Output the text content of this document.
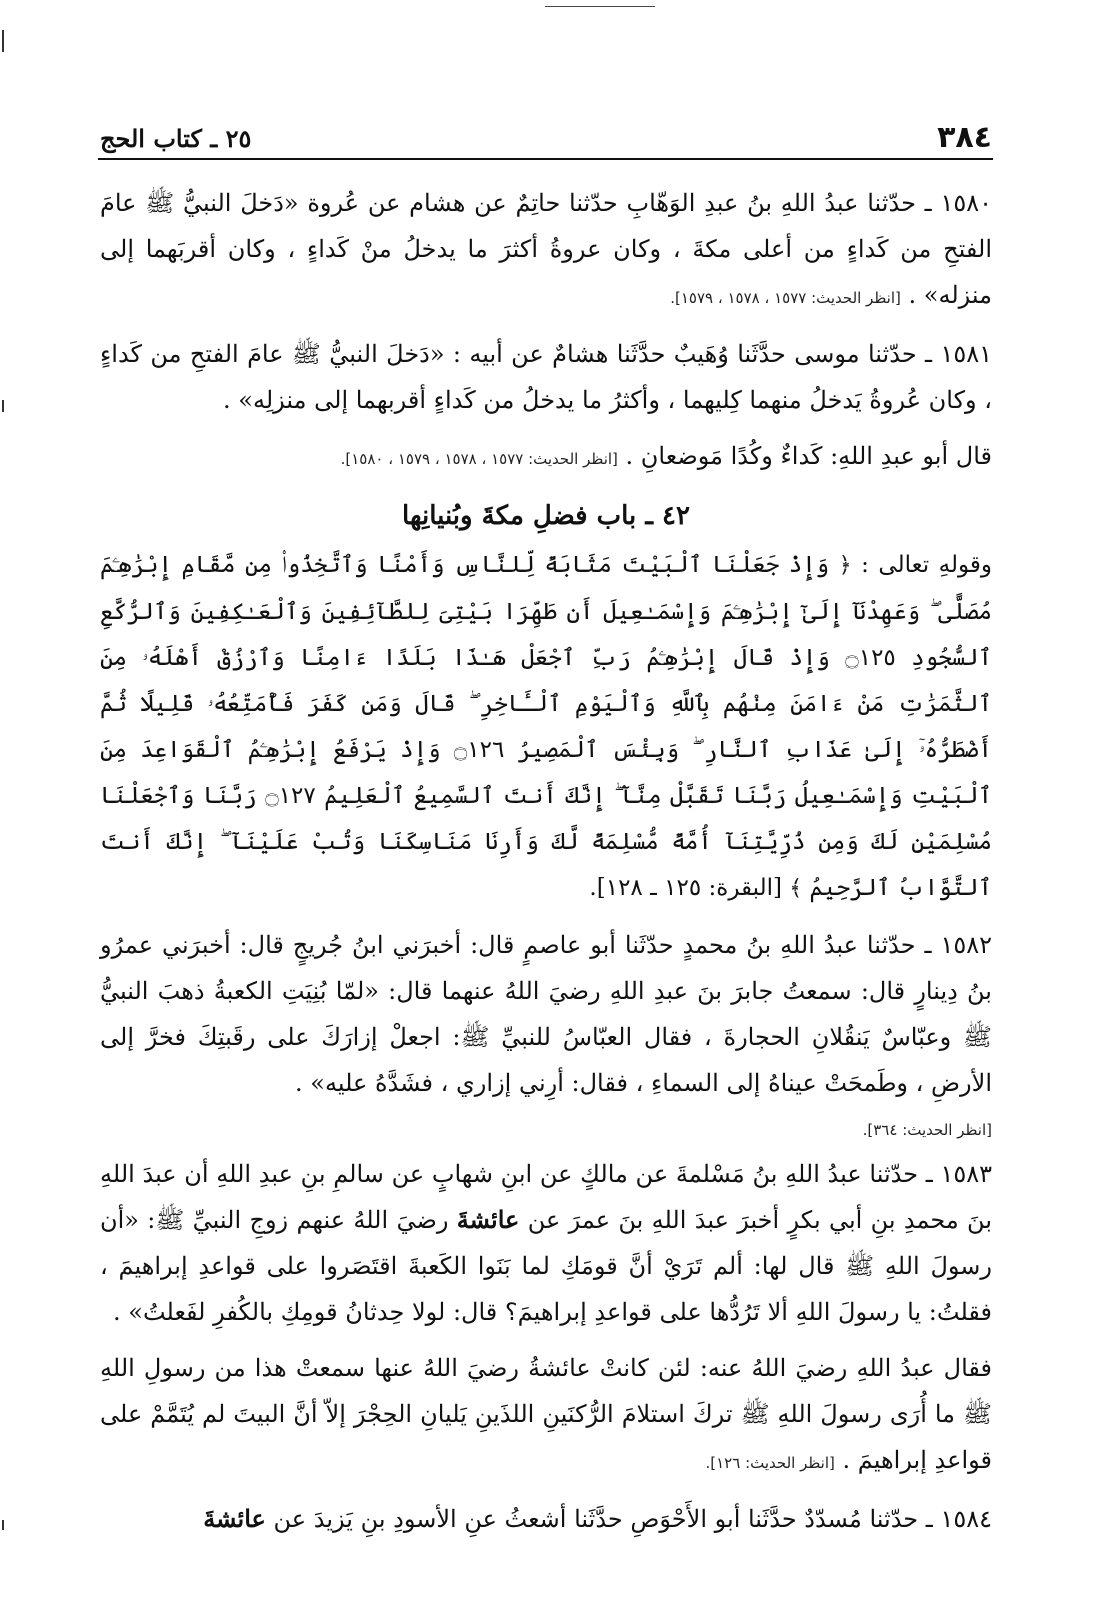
٣٨٤
٢٥ ـ كتاب الحج

١٥٨٠ ـ حدّثنا عبدُ اللهِ بنُ عبدِ الوَهّابِ حدّثنا حاتِمٌ عن هشام عن عُروة «دَخلَ النبيُّ ﷺ عامَ الفتحِ من كَداءٍ من أعلى مكةَ ، وكان عروةُ أكثرَ ما يدخلُ منْ كَداءٍ ، وكان أقربَهما إلى منزله» . [انظر الحديث: ١٥٧٧ ، ١٥٧٨ ، ١٥٧٩].

١٥٨١ ـ حدّثنا موسى حدَّثَنا وُهَيبٌ حدَّثَنا هشامٌ عن أبيه : «دَخلَ النبيُّ ﷺ عامَ الفتحِ من كَداءٍ ، وكان عُروةُ يَدخلُ منهما كِليهما ، وأكثرُ ما يدخلُ من كَداءٍ أقربهما إلى منزلِه» .

قال أبو عبدِ اللهِ: كَداءٌ وكُدًا مَوضعانِ . [انظر الحديث: ١٥٧٧ ، ١٥٧٨ ، ١٥٧٩ ، ١٥٨٠].

٤٢ ـ باب فضلِ مكةَ وبُنيانِها

وقولهِ تعالى : ﴿ وَإِذْ جَعَلْنَا ٱلْبَيْتَ مَثَابَةً لِّلنَّاسِ وَأَمْنًا وَٱتَّخِذُوا۟ مِن مَّقَامِ إِبْرَٰهِـۧمَ مُصَلًّى ۖ وَعَهِدْنَآ إِلَىٰٓ إِبْرَٰهِـۧمَ وَإِسْمَـٰعِيلَ أَن طَهِّرَا بَيْتِىَ لِلطَّآئِفِينَ وَٱلْعَـٰكِفِينَ وَٱلرُّكَّعِ ٱلسُّجُودِ ۝١٢٥ وَإِذْ قَالَ إِبْرَٰهِـۧمُ رَبِّ ٱجْعَلْ هَـٰذَا بَلَدًا ءَامِنًا وَٱرْزُقْ أَهْلَهُۥ مِنَ ٱلثَّمَرَٰتِ مَنْ ءَامَنَ مِنْهُم بِٱللَّهِ وَٱلْيَوْمِ ٱلْـَٔاخِرِ ۖ قَالَ وَمَن كَفَرَ فَأُمَتِّعُهُۥ قَلِيلًا ثُمَّ أَضْطَرُّهُۥٓ إِلَىٰ عَذَابِ ٱلنَّارِ ۖ وَبِئْسَ ٱلْمَصِيرُ ۝١٢٦ وَإِذْ يَرْفَعُ إِبْرَٰهِـۧمُ ٱلْقَوَاعِدَ مِنَ ٱلْبَيْتِ وَإِسْمَـٰعِيلُ رَبَّنَا تَقَبَّلْ مِنَّآ ۖ إِنَّكَ أَنتَ ٱلسَّمِيعُ ٱلْعَلِيمُ ۝١٢٧ رَبَّنَا وَٱجْعَلْنَا مُسْلِمَيْنِ لَكَ وَمِن ذُرِّيَّتِنَآ أُمَّةً مُّسْلِمَةً لَّكَ وَأَرِنَا مَنَاسِكَنَا وَتُبْ عَلَيْنَآ ۖ إِنَّكَ أَنتَ ٱلتَّوَّابُ ٱلرَّحِيمُ ﴾ [البقرة: ١٢٥ ـ ١٢٨].

١٥٨٢ ـ حدّثنا عبدُ اللهِ بنُ محمدٍ حدّثَنا أبو عاصمٍ قال: أخبرَني ابنُ جُريجٍ قال: أخبرَني عمرُو بنُ دِينارٍ قال: سمعتُ جابرَ بنَ عبدِ اللهِ رضيَ اللهُ عنهما قال: «لمّا بُنِيَتِ الكعبةُ ذهبَ النبيُّ ﷺ وعبّاسٌ يَنقُلانِ الحجارةَ ، فقال العبّاسُ للنبيِّ ﷺ: اجعلْ إزارَكَ على رقَبتِكَ فخرَّ إلى الأرضِ ، وطَمحَتْ عيناهُ إلى السماءِ ، فقال: أرِني إزاري ، فشَدَّهُ عليه» .

[انظر الحديث: ٣٦٤].

١٥٨٣ ـ حدّثنا عبدُ اللهِ بنُ مَسْلمةَ عن مالكٍ عن ابنِ شهابٍ عن سالمِ بنِ عبدِ اللهِ أن عبدَ اللهِ بنَ محمدِ بنِ أبي بكرٍ أخبرَ عبدَ اللهِ بنَ عمرَ عن عائشةَ رضيَ اللهُ عنهم زوجِ النبيِّ ﷺ: «أن رسولَ اللهِ ﷺ قال لها: ألم تَرَيْ أنَّ قومَكِ لما بَنَوا الكَعبةَ اقتَصَروا على قواعدِ إبراهيمَ ، فقلتُ: يا رسولَ اللهِ ألا تَرُدُّها على قواعدِ إبراهيمَ؟ قال: لولا حِدثانُ قومِكِ بالكُفرِ لفَعلتُ» .

فقال عبدُ اللهِ رضيَ اللهُ عنه: لئن كانتْ عائشةُ رضيَ اللهُ عنها سمعتْ هذا من رسولِ اللهِ ﷺ ما أُرَى رسولَ اللهِ ﷺ تركَ استلامَ الرُّكنَينِ اللذَينِ يَليانِ الحِجْرَ إلاّ أنَّ البيتَ لم يُتَمَّمْ على قواعدِ إبراهيمَ . [انظر الحديث: ١٢٦].

١٥٨٤ ـ حدّثنا مُسدّدٌ حدَّثَنا أبو الأَحْوَصِ حدَّثَنا أشعثُ عنِ الأسودِ بنِ يَزيدَ عن عائشةَ
